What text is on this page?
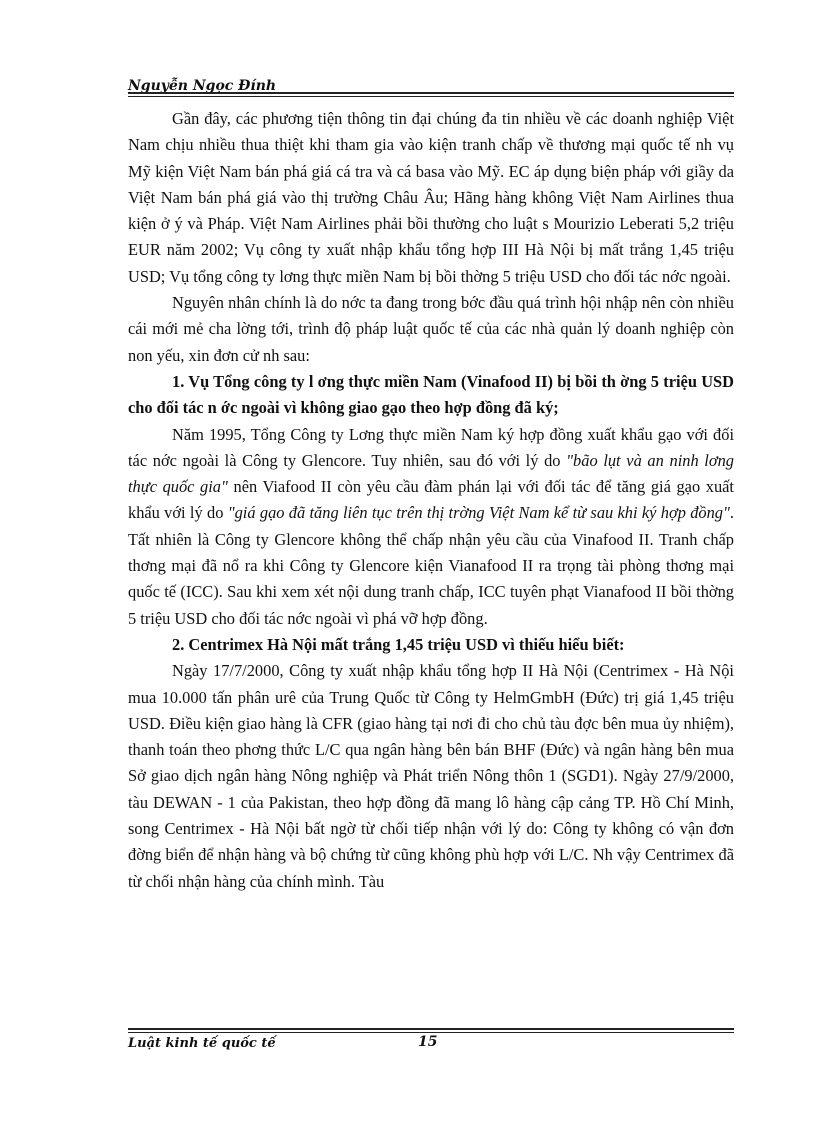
Nguyễn Ngọc Đính

Gần đây, các phương tiện thông tin đại chúng đa tin nhiều về các doanh nghiệp Việt Nam chịu nhiều thua thiệt khi tham gia vào kiện tranh chấp về thương mại quốc tế nh vụ Mỹ kiện Việt Nam bán phá giá cá tra và cá basa vào Mỹ. EC áp dụng biện pháp với giầy da Việt Nam bán phá giá vào thị trường Châu Âu; Hãng hàng không Việt Nam Airlines thua kiện ở ý và Pháp. Việt Nam Airlines phải bồi thường cho luật s Mourizio Leberati 5,2 triệu EUR năm 2002; Vụ công ty xuất nhập khẩu tổng hợp III Hà Nội bị mất trắng 1,45 triệu USD; Vụ tổng công ty lơng thực miền Nam bị bồi thờng 5 triệu USD cho đối tác nớc ngoài.

Nguyên nhân chính là do nớc ta đang trong bớc đầu quá trình hội nhập nên còn nhiều cái mới mẻ cha lờng tới, trình độ pháp luật quốc tế của các nhà quản lý doanh nghiệp còn non yếu, xin đơn cử nh sau:

1. Vụ Tổng công ty l ơng thực miền Nam (Vinafood II) bị bồi th ờng 5 triệu USD cho đối tác n ớc ngoài vì không giao gạo theo hợp đồng đã ký;

Năm 1995, Tổng Công ty Lơng thực miền Nam ký hợp đồng xuất khẩu gạo với đối tác nớc ngoài là Công ty Glencore. Tuy nhiên, sau đó với lý do "bão lụt và an ninh lơng thực quốc gia" nên Viafood II còn yêu cầu đàm phán lại với đối tác để tăng giá gạo xuất khẩu với lý do "giá gạo đã tăng liên tục trên thị trờng Việt Nam kể từ sau khi ký hợp đồng". Tất nhiên là Công ty Glencore không thể chấp nhận yêu cầu của Vinafood II. Tranh chấp thơng mại đã nổ ra khi Công ty Glencore kiện Vianafood II ra trọng tài phòng thơng mại quốc tế (ICC). Sau khi xem xét nội dung tranh chấp, ICC tuyên phạt Vianafood II bồi thờng 5 triệu USD cho đối tác nớc ngoài vì phá vỡ hợp đồng.

2. Centrimex Hà Nội mất trắng 1,45 triệu USD vì thiếu hiểu biết:

Ngày 17/7/2000, Công ty xuất nhập khẩu tổng hợp II Hà Nội (Centrimex - Hà Nội mua 10.000 tấn phân urê của Trung Quốc từ Công ty HelmGmbH (Đức) trị giá 1,45 triệu USD. Điều kiện giao hàng là CFR (giao hàng tại nơi đi cho chủ tàu đợc bên mua ủy nhiệm), thanh toán theo phơng thức L/C qua ngân hàng bên bán BHF (Đức) và ngân hàng bên mua Sở giao dịch ngân hàng Nông nghiệp và Phát triển Nông thôn 1 (SGD1). Ngày 27/9/2000, tàu DEWAN - 1 của Pakistan, theo hợp đồng đã mang lô hàng cập cảng TP. Hồ Chí Minh, song Centrimex - Hà Nội bất ngờ từ chối tiếp nhận với lý do: Công ty không có vận đơn đờng biển để nhận hàng và bộ chứng từ cũng không phù hợp với L/C. Nh vậy Centrimex đã từ chối nhận hàng của chính mình. Tàu

Luật kinh tế quốc tế	15
